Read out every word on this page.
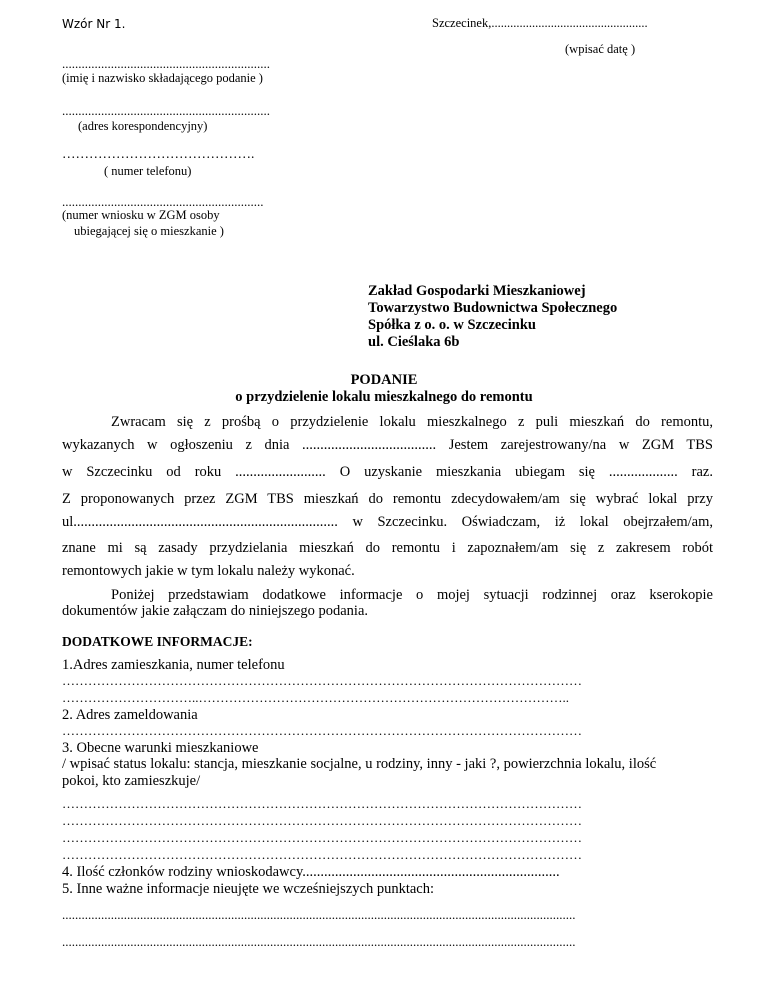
Wzór Nr 1.	Szczecinek,..................................................
(wpisać datę )
................................................................
(imię i nazwisko składającego podanie )
................................................................
(adres korespondencyjny)
…………………………………….
( numer telefonu)
..............................................................
(numer wniosku w ZGM osoby
ubiegającej się o mieszkanie )
Zakład Gospodarki Mieszkaniowej
Towarzystwo Budownictwa Społecznego
Spółka z o. o. w Szczecinku
ul. Cieślaka 6b
PODANIE
o przydzielenie lokalu mieszkalnego do remontu
Zwracam się z prośbą o przydzielenie lokalu mieszkalnego z puli mieszkań do remontu,
wykazanych w ogłoszeniu z dnia ..................................... Jestem zarejestrowany/na w ZGM TBS
w Szczecinku od roku ......................... O uzyskanie mieszkania ubiegam się ................... raz.
Z proponowanych przez ZGM TBS mieszkań do remontu zdecydowałem/am się wybrać lokal przy
ul......................................................................... w Szczecinku. Oświadczam, iż lokal obejrzałem/am,
znane mi są zasady przydzielania mieszkań do remontu i zapoznałem/am się z zakresem robót
remontowych jakie w tym lokalu należy wykonać.
Poniżej przedstawiam dodatkowe informacje o mojej sytuacji rodzinnej oraz kserokopie
dokumentów jakie załączam do niniejszego podania.
DODATKOWE INFORMACJE:
1.Adres zamieszkania, numer telefonu
…………………………………………………………………………………………………………
…………………………..…………………………………………………………………………..
2. Adres zameldowania
…………………………………………………………………………………………………………
3. Obecne warunki mieszkaniowe
/ wpisać status lokalu: stancja, mieszkanie socjalne, u rodziny, inny - jaki ?, powierzchnia lokalu, ilość
pokoi, kto zamieszkuje/
…………………………………………………………………………………………………………
…………………………………………………………………………………………………………
…………………………………………………………………………………………………………
…………………………………………………………………………………………………………
4. Ilość członków rodziny wnioskodawcy.......................................................................
5. Inne ważne informacje nieujęte we wcześniejszych punktach:
..............................................................................................................................................................
..............................................................................................................................................................
